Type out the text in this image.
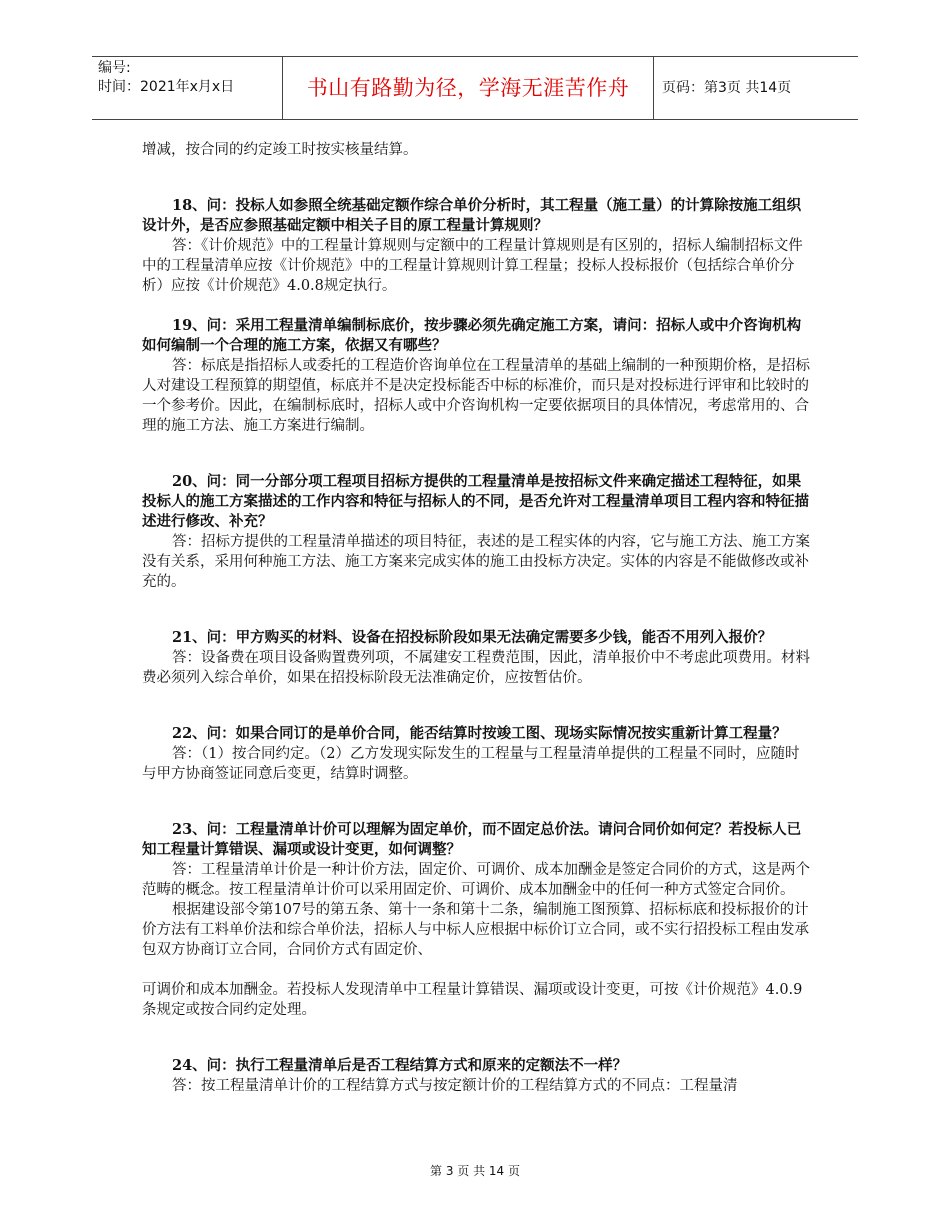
编号:
时间：2021年x月x日	书山有路勤为径，学海无涯苦作舟	页码：第3页 共14页

增减，按合同的约定竣工时按实核量结算。

18、问：投标人如参照全统基础定额作综合单价分析时，其工程量（施工量）的计算除按施工组织设计外，是否应参照基础定额中相关子目的原工程量计算规则？

答：《计价规范》中的工程量计算规则与定额中的工程量计算规则是有区别的，招标人编制招标文件中的工程量清单应按《计价规范》中的工程量计算规则计算工程量；投标人投标报价（包括综合单价分析）应按《计价规范》4.0.8规定执行。

19、问：采用工程量清单编制标底价，按步骤必须先确定施工方案，请问：招标人或中介咨询机构如何编制一个合理的施工方案，依据又有哪些？

答：标底是指招标人或委托的工程造价咨询单位在工程量清单的基础上编制的一种预期价格，是招标人对建设工程预算的期望值，标底并不是决定投标能否中标的标准价，而只是对投标进行评审和比较时的一个参考价。因此，在编制标底时，招标人或中介咨询机构一定要依据项目的具体情况，考虑常用的、合理的施工方法、施工方案进行编制。

20、问：同一分部分项工程项目招标方提供的工程量清单是按招标文件来确定描述工程特征，如果投标人的施工方案描述的工作内容和特征与招标人的不同，是否允许对工程量清单项目工程内容和特征描述进行修改、补充？

答：招标方提供的工程量清单描述的项目特征，表述的是工程实体的内容，它与施工方法、施工方案没有关系，采用何种施工方法、施工方案来完成实体的施工由投标方决定。实体的内容是不能做修改或补充的。

21、问：甲方购买的材料、设备在招投标阶段如果无法确定需要多少钱，能否不用列入报价？

答：设备费在项目设备购置费列项，不属建安工程费范围，因此，清单报价中不考虑此项费用。材料费必须列入综合单价，如果在招投标阶段无法准确定价，应按暂估价。

22、问：如果合同订的是单价合同，能否结算时按竣工图、现场实际情况按实重新计算工程量？

答：（1）按合同约定。（2）乙方发现实际发生的工程量与工程量清单提供的工程量不同时，应随时与甲方协商签证同意后变更，结算时调整。

23、问：工程量清单计价可以理解为固定单价，而不固定总价法。请问合同价如何定？若投标人已知工程量计算错误、漏项或设计变更，如何调整？

答：工程量清单计价是一种计价方法，固定价、可调价、成本加酬金是签定合同价的方式，这是两个范畴的概念。按工程量清单计价可以采用固定价、可调价、成本加酬金中的任何一种方式签定合同价。

根据建设部令第107号的第五条、第十一条和第十二条，编制施工图预算、招标标底和投标报价的计价方法有工料单价法和综合单价法，招标人与中标人应根据中标价订立合同，或不实行招投标工程由发承包双方协商订立合同，合同价方式有固定价、

可调价和成本加酬金。若投标人发现清单中工程量计算错误、漏项或设计变更，可按《计价规范》4.0.9条规定或按合同约定处理。

24、问：执行工程量清单后是否工程结算方式和原来的定额法不一样？

答：按工程量清单计价的工程结算方式与按定额计价的工程结算方式的不同点：工程量清

第 3 页 共 14 页
